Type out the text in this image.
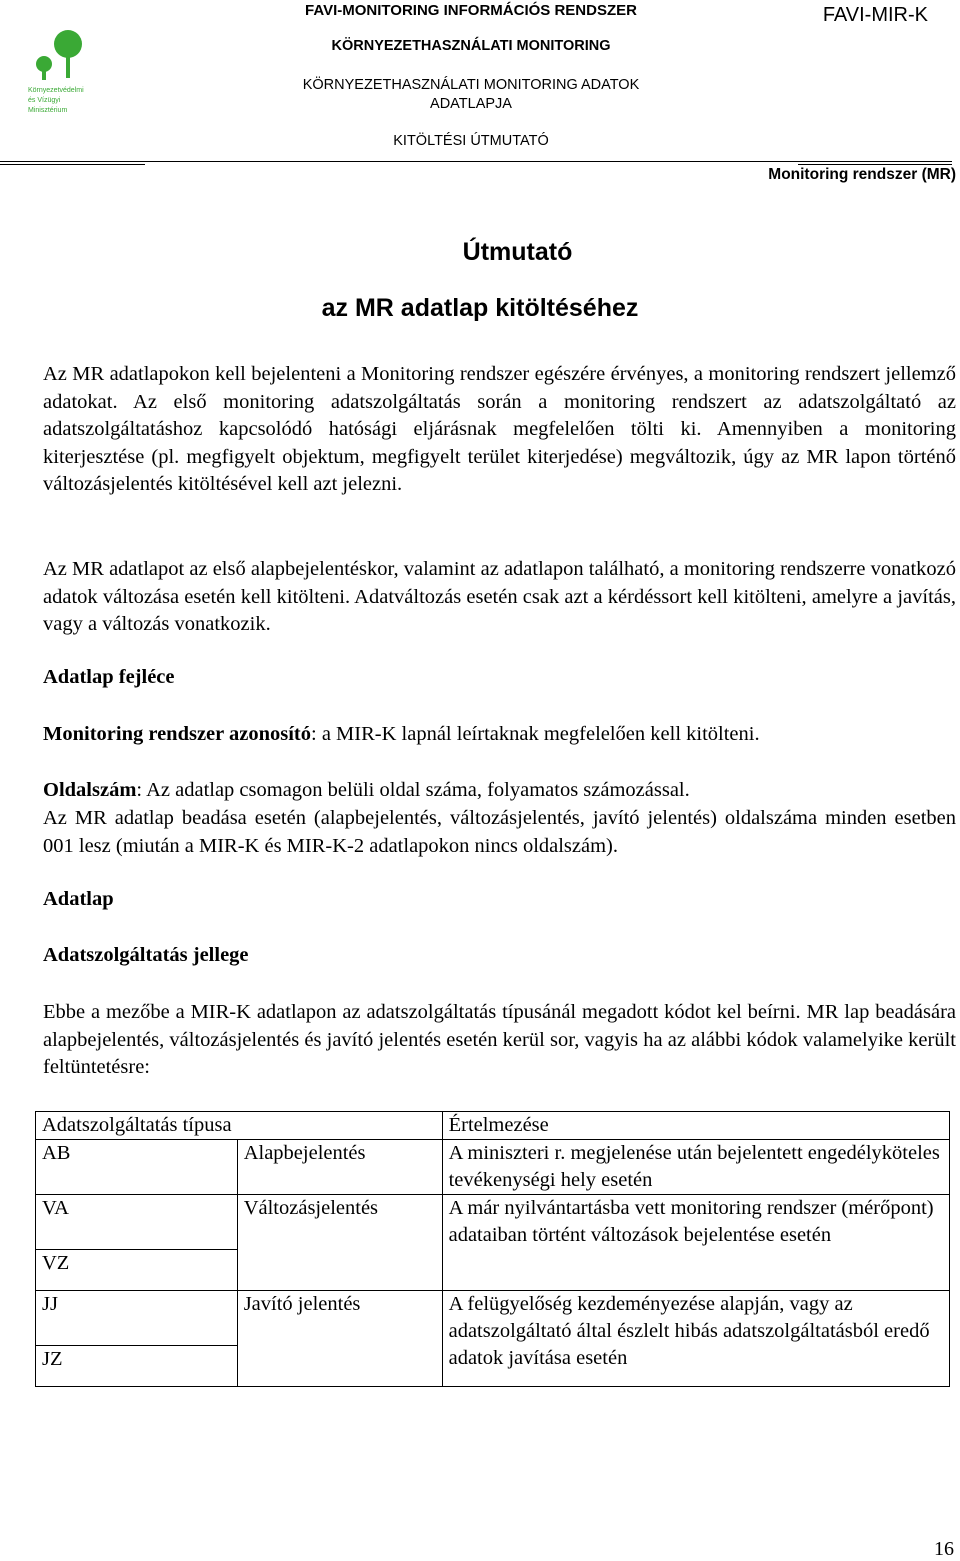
Környezetvédelmi
és Vízügyi
Minisztérium
FAVI-MONITORING INFORMÁCIÓS RENDSZER	FAVI-MIR-K
KÖRNYEZETHASZNÁLATI MONITORING
KÖRNYEZETHASZNÁLATI MONITORING ADATOK
ADATLAPJA
KITÖLTÉSI ÚTMUTATÓ
Monitoring rendszer (MR)
Útmutató
az MR adatlap kitöltéséhez
Az MR adatlapokon kell bejelenteni a Monitoring rendszer egészére érvényes, a monitoring rendszert jellemző adatokat. Az első monitoring adatszolgáltatás során a monitoring rendszert az adatszolgáltató az adatszolgáltatáshoz kapcsolódó hatósági eljárásnak megfelelően tölti ki. Amennyiben a monitoring kiterjesztése (pl. megfigyelt objektum, megfigyelt terület kiterjedése) megváltozik, úgy az MR lapon történő változásjelentés kitöltésével kell azt jelezni.
Az MR adatlapot az első alapbejelentéskor, valamint az adatlapon található, a monitoring rendszerre vonatkozó adatok változása esetén kell kitölteni. Adatváltozás esetén csak azt a kérdéssort kell kitölteni, amelyre a javítás, vagy a változás vonatkozik.
Adatlap fejléce
Monitoring rendszer azonosító: a MIR-K lapnál leírtaknak megfelelően kell kitölteni.
Oldalszám: Az adatlap csomagon belüli oldal száma, folyamatos számozással.
Az MR adatlap beadása esetén (alapbejelentés, változásjelentés, javító jelentés) oldalszáma minden esetben 001 lesz (miután a MIR-K és MIR-K-2 adatlapokon nincs oldalszám).
Adatlap
Adatszolgáltatás jellege
Ebbe a mezőbe a MIR-K adatlapon az adatszolgáltatás típusánál megadott kódot kel beírni. MR lap beadására alapbejelentés, változásjelentés és javító jelentés esetén kerül sor, vagyis ha az alábbi kódok valamelyike került feltüntetésre:
Adatszolgáltatás típusa		Értelmezése
AB	Alapbejelentés	A miniszteri r. megjelenése után bejelentett engedélyköteles tevékenységi hely esetén
VA	Változásjelentés	A már nyilvántartásba vett monitoring rendszer (mérőpont) adataiban történt változások bejelentése esetén
VZ		
JJ	Javító jelentés	A felügyelőség kezdeményezése alapján, vagy az adatszolgáltató által észlelt hibás adatszolgáltatásból eredő adatok javítása esetén
JZ		
16
